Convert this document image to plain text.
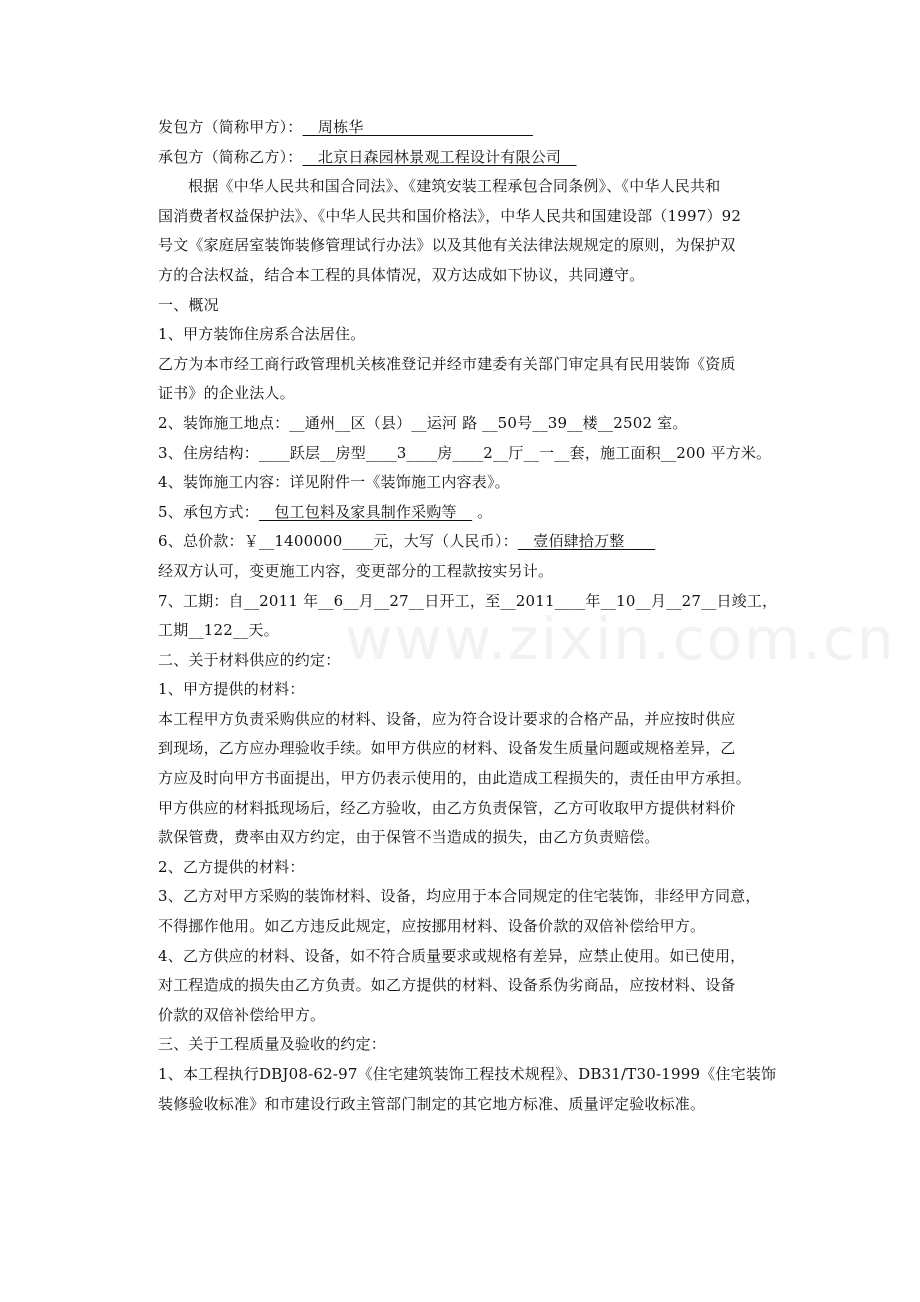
发包方（简称甲方）：__周栋华______________________
承包方（简称乙方）：__北京日森园林景观工程设计有限公司__
根据《中华人民共和国合同法》、《建筑安装工程承包合同条例》、《中华人民共和
国消费者权益保护法》、《中华人民共和国价格法》，中华人民共和国建设部（1997）92
号文《家庭居室装饰装修管理试行办法》以及其他有关法律法规规定的原则，为保护双
方的合法权益，结合本工程的具体情况，双方达成如下协议，共同遵守。
一、概况
1、甲方装饰住房系合法居住。
乙方为本市经工商行政管理机关核准登记并经市建委有关部门审定具有民用装饰《资质
证书》的企业法人。
2、装饰施工地点：__通州__区（县）__运河 路 __50号__39__楼__2502 室。
3、住房结构：____跃层__房型____3____房____2__厅__一__套，施工面积__200 平方米。
4、装饰施工内容：详见附件一《装饰施工内容表》。
5、承包方式：__包工包料及家具制作采购等__ 。
6、总价款：￥__1400000____元，大写（人民币）：__壹佰肆拾万整____
经双方认可，变更施工内容，变更部分的工程款按实另计。
7、工期：自__2011 年__6__月__27__日开工，至__2011____年__10__月__27__日竣工，
工期__122__天。
二、关于材料供应的约定：
1、甲方提供的材料：
本工程甲方负责采购供应的材料、设备，应为符合设计要求的合格产品，并应按时供应
到现场，乙方应办理验收手续。如甲方供应的材料、设备发生质量问题或规格差异，乙
方应及时向甲方书面提出，甲方仍表示使用的，由此造成工程损失的，责任由甲方承担。
甲方供应的材料抵现场后，经乙方验收，由乙方负责保管，乙方可收取甲方提供材料价
款保管费，费率由双方约定，由于保管不当造成的损失，由乙方负责赔偿。
2、乙方提供的材料：
3、乙方对甲方采购的装饰材料、设备，均应用于本合同规定的住宅装饰，非经甲方同意，
不得挪作他用。如乙方违反此规定，应按挪用材料、设备价款的双倍补偿给甲方。
4、乙方供应的材料、设备，如不符合质量要求或规格有差异，应禁止使用。如已使用，
对工程造成的损失由乙方负责。如乙方提供的材料、设备系伪劣商品，应按材料、设备
价款的双倍补偿给甲方。
三、关于工程质量及验收的约定：
1、本工程执行DBJ08-62-97《住宅建筑装饰工程技术规程》、DB31/T30-1999《住宅装饰
装修验收标准》和市建设行政主管部门制定的其它地方标准、质量评定验收标准。
www.zixin.com.cn
